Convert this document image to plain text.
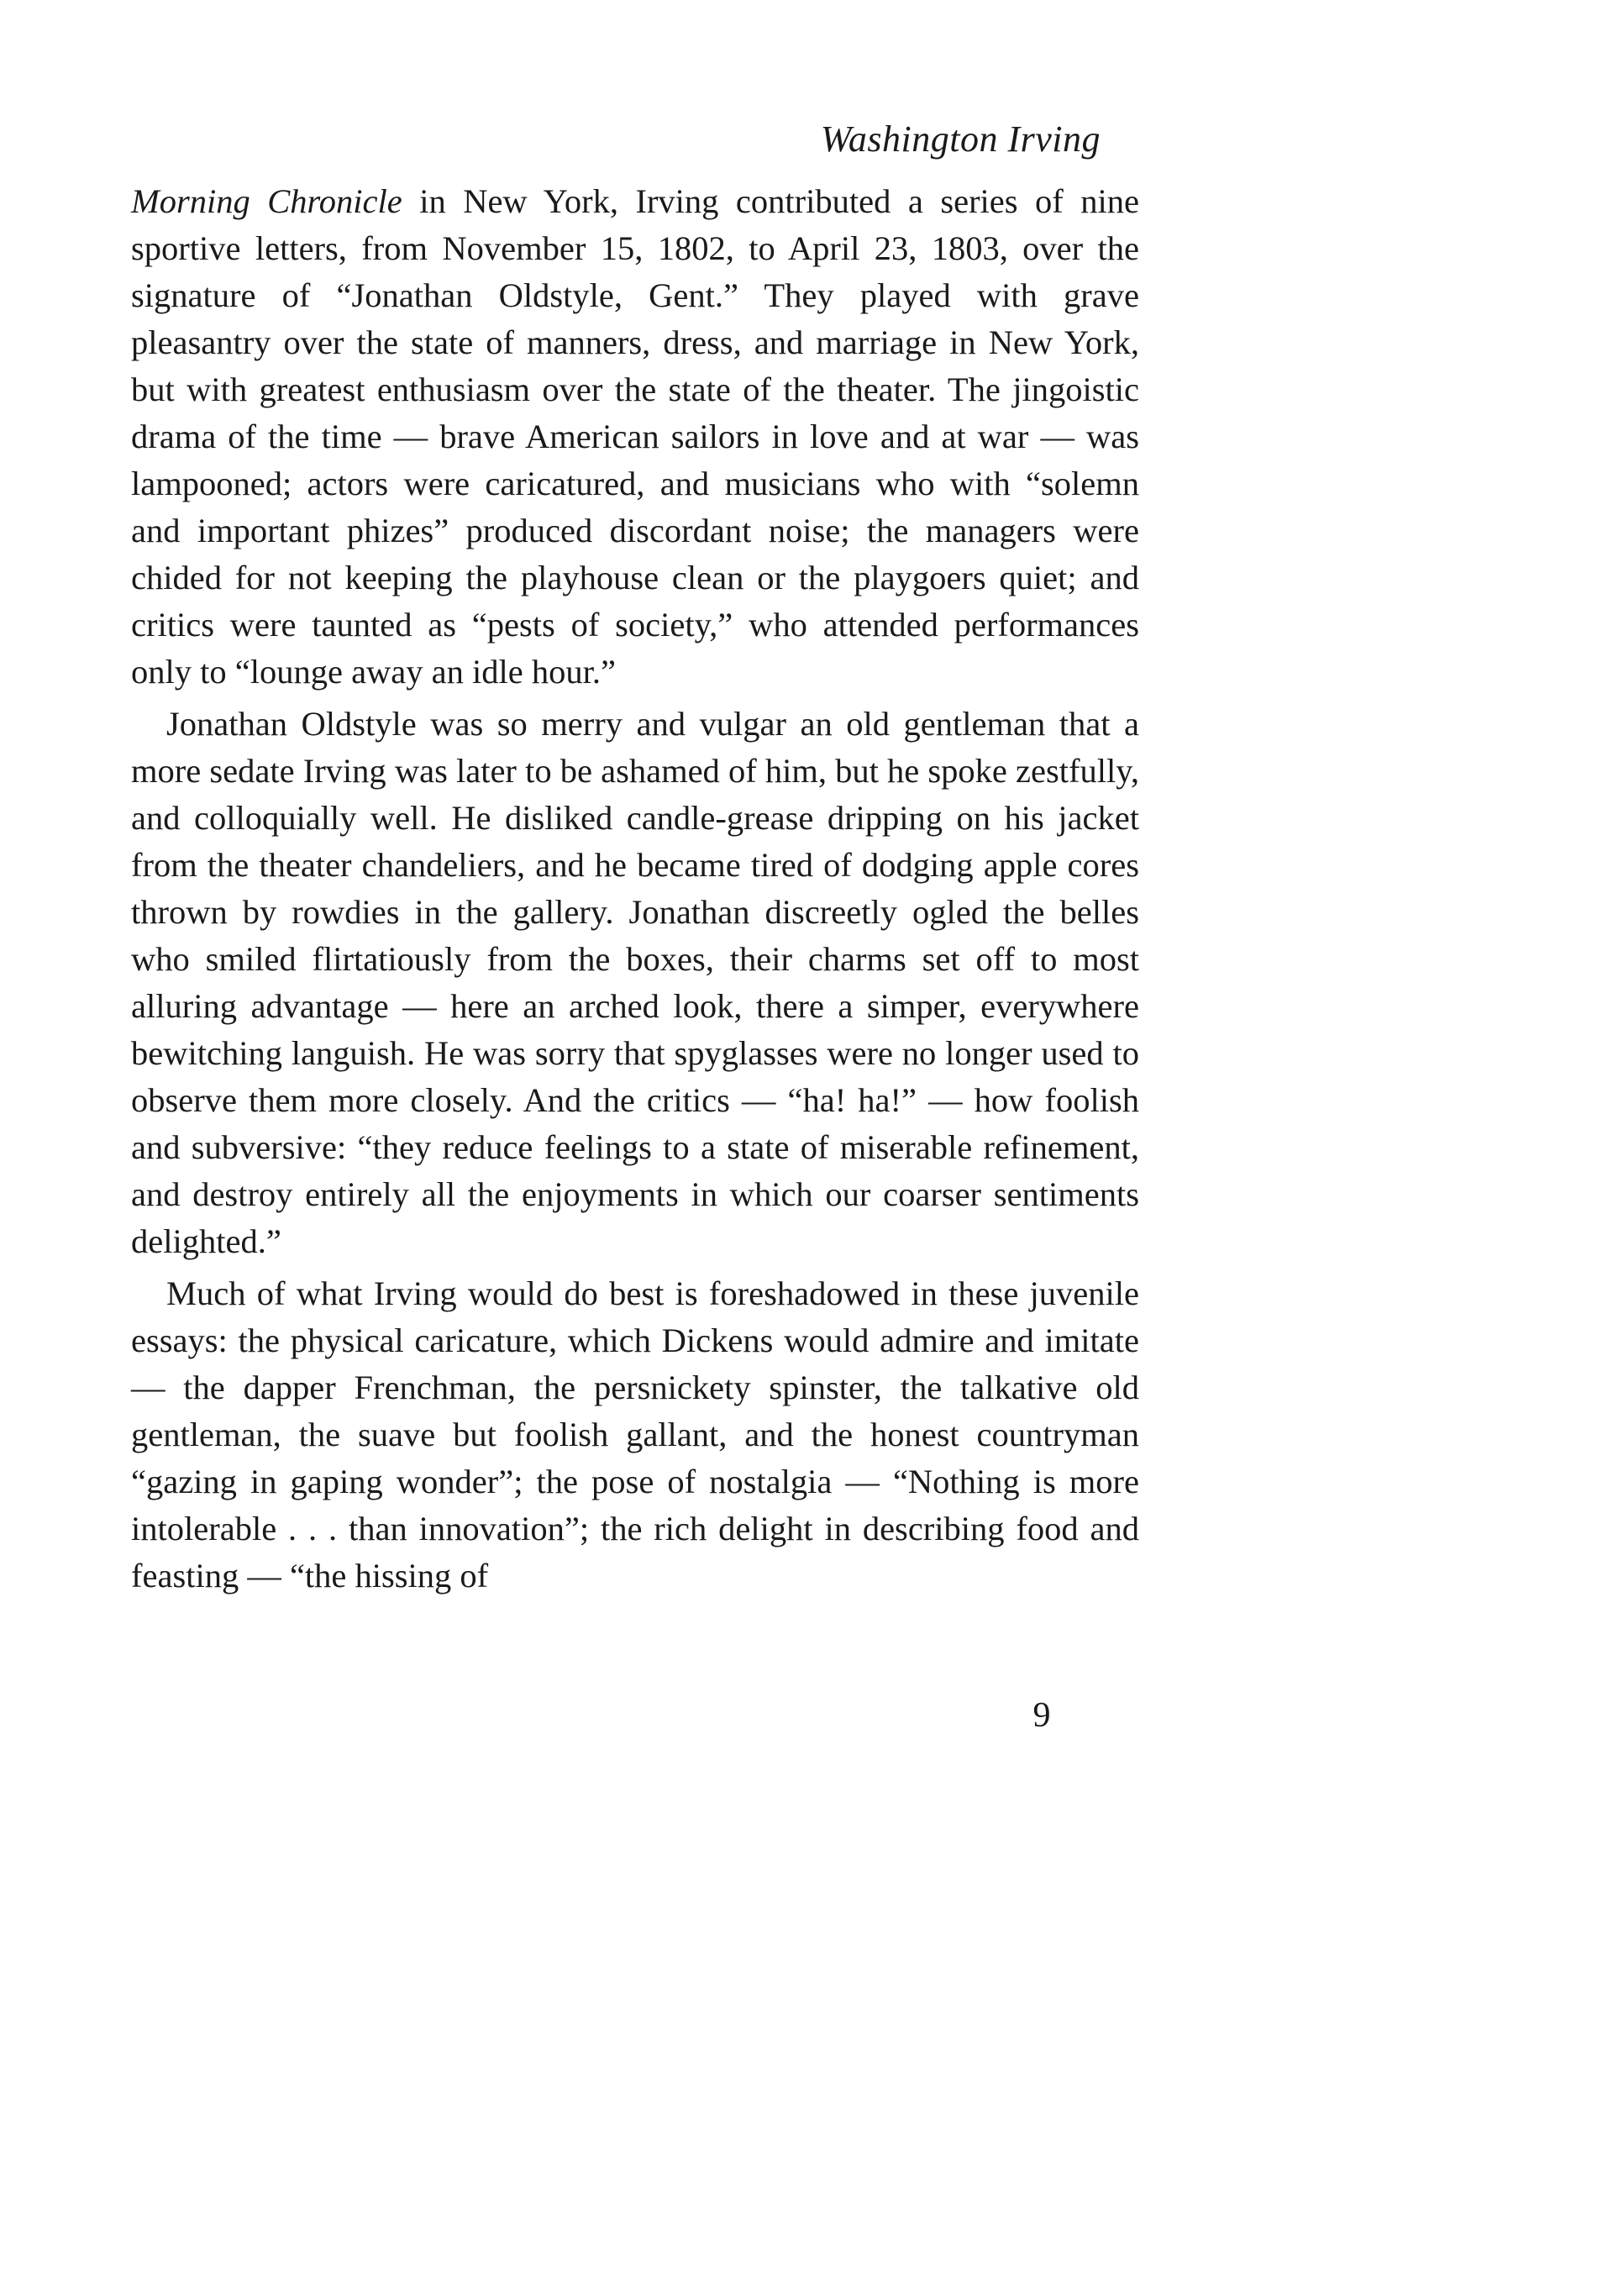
Washington Irving

Morning Chronicle in New York, Irving contributed a series of nine sportive letters, from November 15, 1802, to April 23, 1803, over the signature of “Jonathan Oldstyle, Gent.” They played with grave pleasantry over the state of manners, dress, and marriage in New York, but with greatest enthusiasm over the state of the theater. The jingoistic drama of the time — brave American sailors in love and at war — was lampooned; actors were caricatured, and musicians who with “solemn and important phizes” produced discordant noise; the managers were chided for not keeping the playhouse clean or the playgoers quiet; and critics were taunted as “pests of society,” who attended performances only to “lounge away an idle hour.”

Jonathan Oldstyle was so merry and vulgar an old gentleman that a more sedate Irving was later to be ashamed of him, but he spoke zestfully, and colloquially well. He disliked candle-grease dripping on his jacket from the theater chandeliers, and he became tired of dodging apple cores thrown by rowdies in the gallery. Jonathan discreetly ogled the belles who smiled flirtatiously from the boxes, their charms set off to most alluring advantage — here an arched look, there a simper, everywhere bewitching languish. He was sorry that spyglasses were no longer used to observe them more closely. And the critics — “ha! ha!” — how foolish and subversive: “they reduce feelings to a state of miserable refinement, and destroy entirely all the enjoyments in which our coarser sentiments delighted.”

Much of what Irving would do best is foreshadowed in these juvenile essays: the physical caricature, which Dickens would admire and imitate — the dapper Frenchman, the persnickety spinster, the talkative old gentleman, the suave but foolish gallant, and the honest countryman “gazing in gaping wonder”; the pose of nostalgia — “Nothing is more intolerable . . . than innovation”; the rich delight in describing food and feasting — “the hissing of

9
